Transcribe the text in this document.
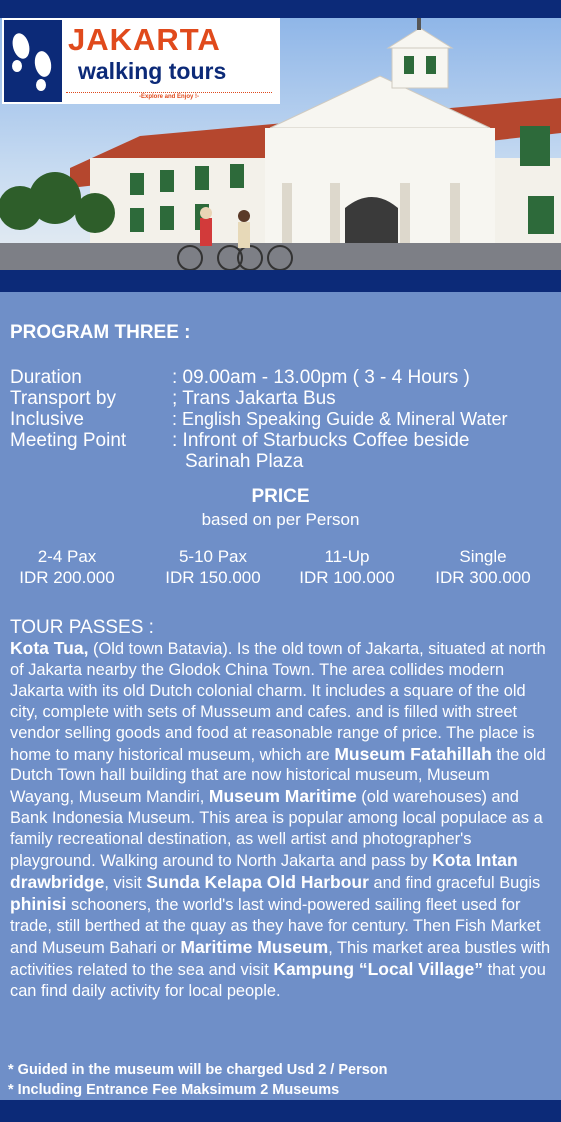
JAKARTA
walking tours
-Explore and Enjoy !-
PROGRAM THREE :
Duration	: 09.00am - 13.00pm ( 3 - 4 Hours )
Transport by	; Trans Jakarta Bus
Inclusive	: English Speaking Guide & Mineral Water
Meeting Point : Infront of Starbucks Coffee beside
Sarinah Plaza
PRICE
based on per Person
2-4 Pax
IDR 200.000
5-10 Pax
IDR 150.000
11-Up
IDR 100.000
Single
IDR 300.000
TOUR PASSES :
Kota Tua, (Old town Batavia). Is the old town of Jakarta, situated at north of Jakarta nearby the Glodok China Town. The area collides modern Jakarta with its old Dutch colonial charm. It includes a square of the old city, complete with sets of Musseum and cafes. and is filled with street vendor selling goods and food at reasonable range of price. The place is home to many historical museum, which are Museum Fatahillah the old Dutch Town hall building that are now historical museum, Museum Wayang, Museum Mandiri, Museum Maritime (old warehouses) and Bank Indonesia Museum. This area is popular among local populace as a family recreational destination, as well artist and photographer's playground. Walking around to North Jakarta and pass by Kota Intan drawbridge, visit Sunda Kelapa Old Harbour and find graceful Bugis phinisi schooners, the world's last wind-powered sailing fleet used for trade, still berthed at the quay as they have for century. Then Fish Market and Museum Bahari or Maritime Museum, This market area bustles with activities related to the sea and visit Kampung “Local Village” that you can find daily activity for local people.
* Guided in the museum will be charged Usd 2 / Person
* Including Entrance Fee Maksimum 2 Museums
